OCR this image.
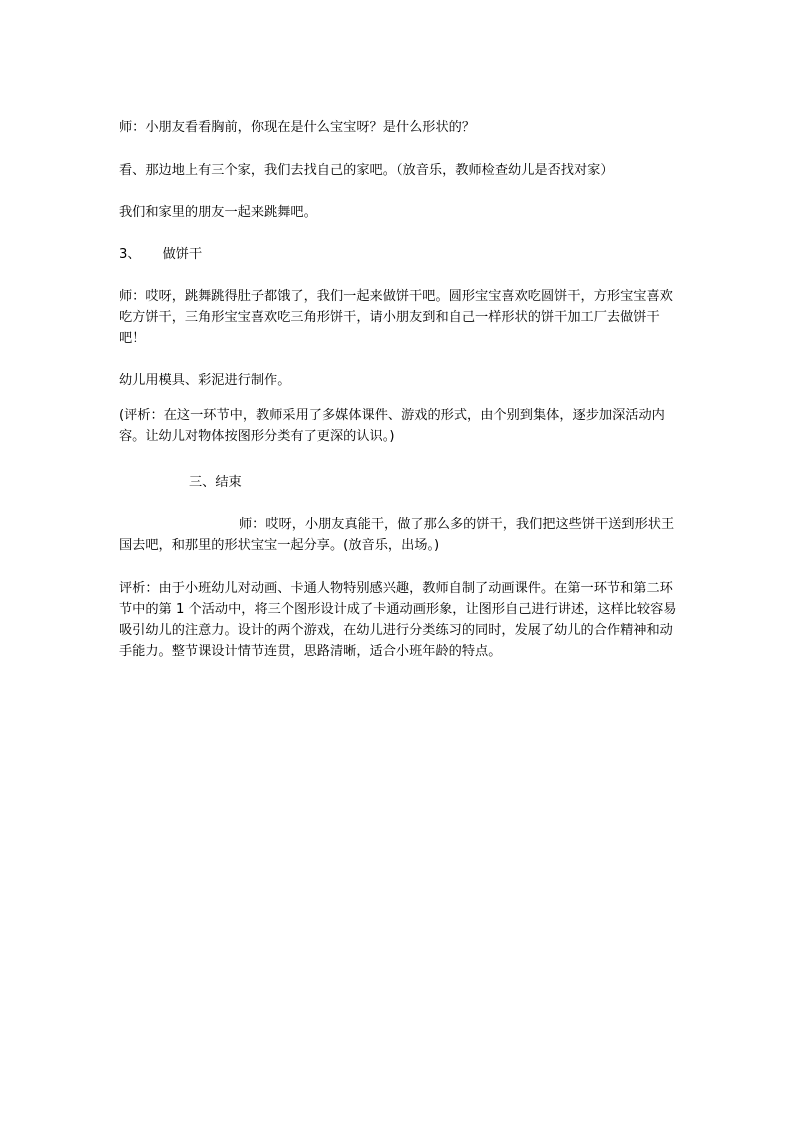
师：小朋友看看胸前，你现在是什么宝宝呀？是什么形状的？
看、那边地上有三个家，我们去找自己的家吧。（放音乐，教师检查幼儿是否找对家）
我们和家里的朋友一起来跳舞吧。
3、 做饼干
师：哎呀，跳舞跳得肚子都饿了，我们一起来做饼干吧。圆形宝宝喜欢吃圆饼干，方形宝宝喜欢吃方饼干，三角形宝宝喜欢吃三角形饼干，请小朋友到和自己一样形状的饼干加工厂去做饼干吧！
幼儿用模具、彩泥进行制作。
(评析：在这一环节中，教师采用了多媒体课件、游戏的形式，由个别到集体，逐步加深活动内容。让幼儿对物体按图形分类有了更深的认识。)
三、结束
师：哎呀，小朋友真能干，做了那么多的饼干，我们把这些饼干送到形状王国去吧，和那里的形状宝宝一起分享。(放音乐，出场。)
评析：由于小班幼儿对动画、卡通人物特别感兴趣，教师自制了动画课件。在第一环节和第二环节中的第 1 个活动中，将三个图形设计成了卡通动画形象，让图形自己进行讲述，这样比较容易吸引幼儿的注意力。设计的两个游戏，在幼儿进行分类练习的同时，发展了幼儿的合作精神和动手能力。整节课设计情节连贯，思路清晰，适合小班年龄的特点。
